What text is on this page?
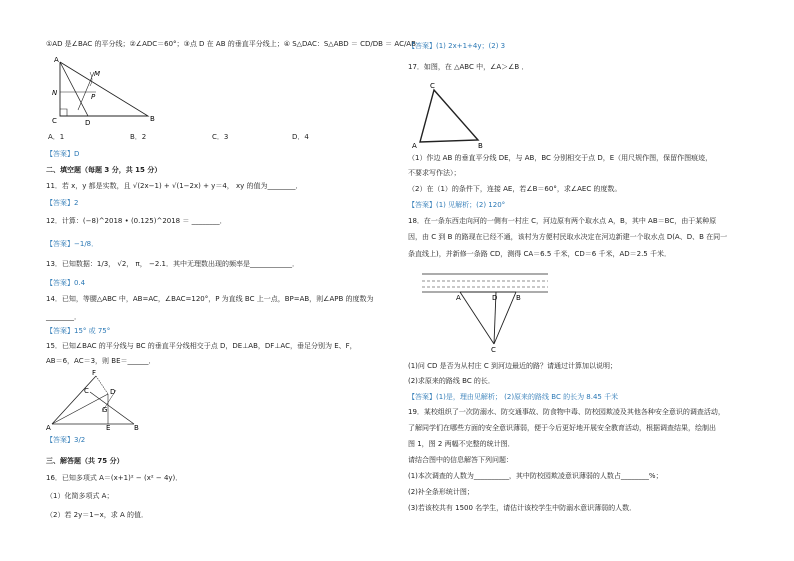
①AD 是∠BAC 的平分线；②∠ADC＝60°；③点 D 在 AB 的垂直平分线上；④ S△DAC：S△ABD ＝ CD/DB ＝ AC/AB
A
M
N	P
C	D	B
A．1	B．2	C．3	D．4
【答案】D
二、填空题（每题 3 分，共 15 分）
11．若 x，y 都是实数，且 √(2x−1) + √(1−2x) + y＝4， xy 的值为________．
【答案】2
12．计算：(−8)^2018 • (0.125)^2018 ＝ ________．
【答案】−1/8．
13．已知数据：1/3， √2， π， −2.1．其中无理数出现的频率是____________．
【答案】0.4
14．已知，等腰△ABC 中，AB=AC，∠BAC=120°，P 为直线 BC 上一点，BP=AB，则∠APB 的度数为
________．
【答案】15° 或 75°
15．已知∠BAC 的平分线与 BC 的垂直平分线相交于点 D，DE⊥AB，DF⊥AC，垂足分别为 E、F，
AB＝6，AC＝3，则 BE＝______．
F
D
C
G
A	E	B
【答案】3/2
三、解答题（共 75 分）
16．已知多项式 A＝(x+1)² − (x² − 4y)．
（1）化简多项式 A；
（2）若 2y＝1−x，求 A 的值．
【答案】(1) 2x+1+4y；(2) 3
17．如图，在 △ABC 中，∠A＞∠B ．
C
A	B
（1）作边 AB 的垂直平分线 DE，与 AB，BC 分别相交于点 D，E（用尺规作图，保留作图痕迹，
不要求写作法）；
（2）在（1）的条件下，连接 AE，若∠B＝60°，求∠AEC 的度数。
【答案】(1) 见解析；(2) 120°
18．在一条东西走向河的一侧有一村庄 C，河边原有两个取水点 A，B，其中 AB＝BC，由于某种原
因，由 C 到 B 的路现在已经不通，该村为方便村民取水决定在河边新建一个取水点 D(A、D、B 在同一
条直线上)，并新修一条路 CD，测得 CA＝6.5 千米，CD＝6 千米，AD＝2.5 千米．
A	D	B
C
(1)问 CD 是否为从村庄 C 到河边最近的路？请通过计算加以说明；
(2)求原来的路线 BC 的长．
【答案】(1)是，理由见解析； (2)原来的路线 BC 的长为 8.45 千米
19．某校组织了一次防溺水、防交通事故、防食物中毒、防校园欺凌及其他各种安全意识的调查活动，
了解同学们在哪些方面的安全意识薄弱，便于今后更好地开展安全教育活动，根据调查结果，绘制出
图 1，图 2 两幅不完整的统计图．
请结合图中的信息解答下列问题：
(1)本次调查的人数为__________，其中防校园欺凌意识薄弱的人数占________%；
(2)补全条形统计图；
(3)若该校共有 1500 名学生，请估计该校学生中防溺水意识薄弱的人数．
